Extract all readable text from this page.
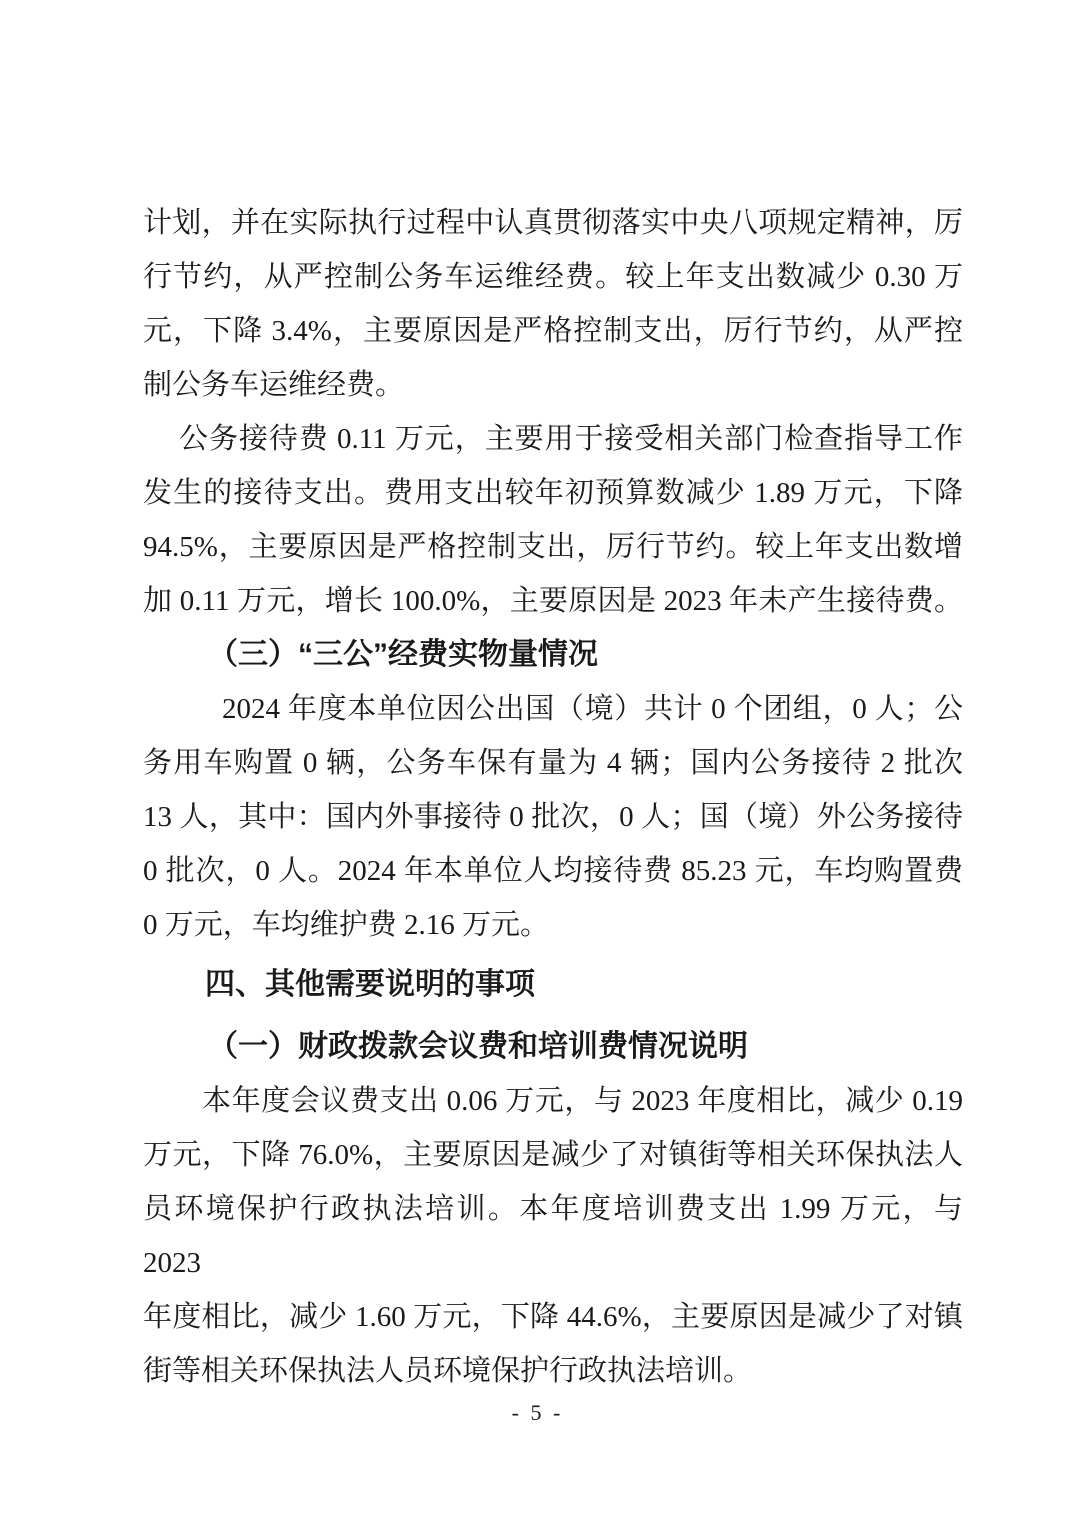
计划，并在实际执行过程中认真贯彻落实中央八项规定精神，厉
行节约，从严控制公务车运维经费。较上年支出数减少 0.30 万
元，下降 3.4%，主要原因是严格控制支出，厉行节约，从严控
制公务车运维经费。
公务接待费 0.11 万元，主要用于接受相关部门检查指导工作
发生的接待支出。费用支出较年初预算数减少 1.89 万元，下降
94.5%，主要原因是严格控制支出，厉行节约。较上年支出数增
加 0.11 万元，增长 100.0%，主要原因是 2023 年未产生接待费。
（三）“三公”经费实物量情况
2024 年度本单位因公出国（境）共计 0 个团组，0 人；公
务用车购置 0 辆，公务车保有量为 4 辆；国内公务接待 2 批次
13 人，其中：国内外事接待 0 批次，0 人；国（境）外公务接待
0 批次，0 人。2024 年本单位人均接待费 85.23 元，车均购置费
0 万元，车均维护费 2.16 万元。
四、其他需要说明的事项
（一）财政拨款会议费和培训费情况说明
本年度会议费支出 0.06 万元，与 2023 年度相比，减少 0.19
万元，下降 76.0%，主要原因是减少了对镇街等相关环保执法人
员环境保护行政执法培训。本年度培训费支出 1.99 万元，与 2023
年度相比，减少 1.60 万元，下降 44.6%，主要原因是减少了对镇
街等相关环保执法人员环境保护行政执法培训。
- 5 -
